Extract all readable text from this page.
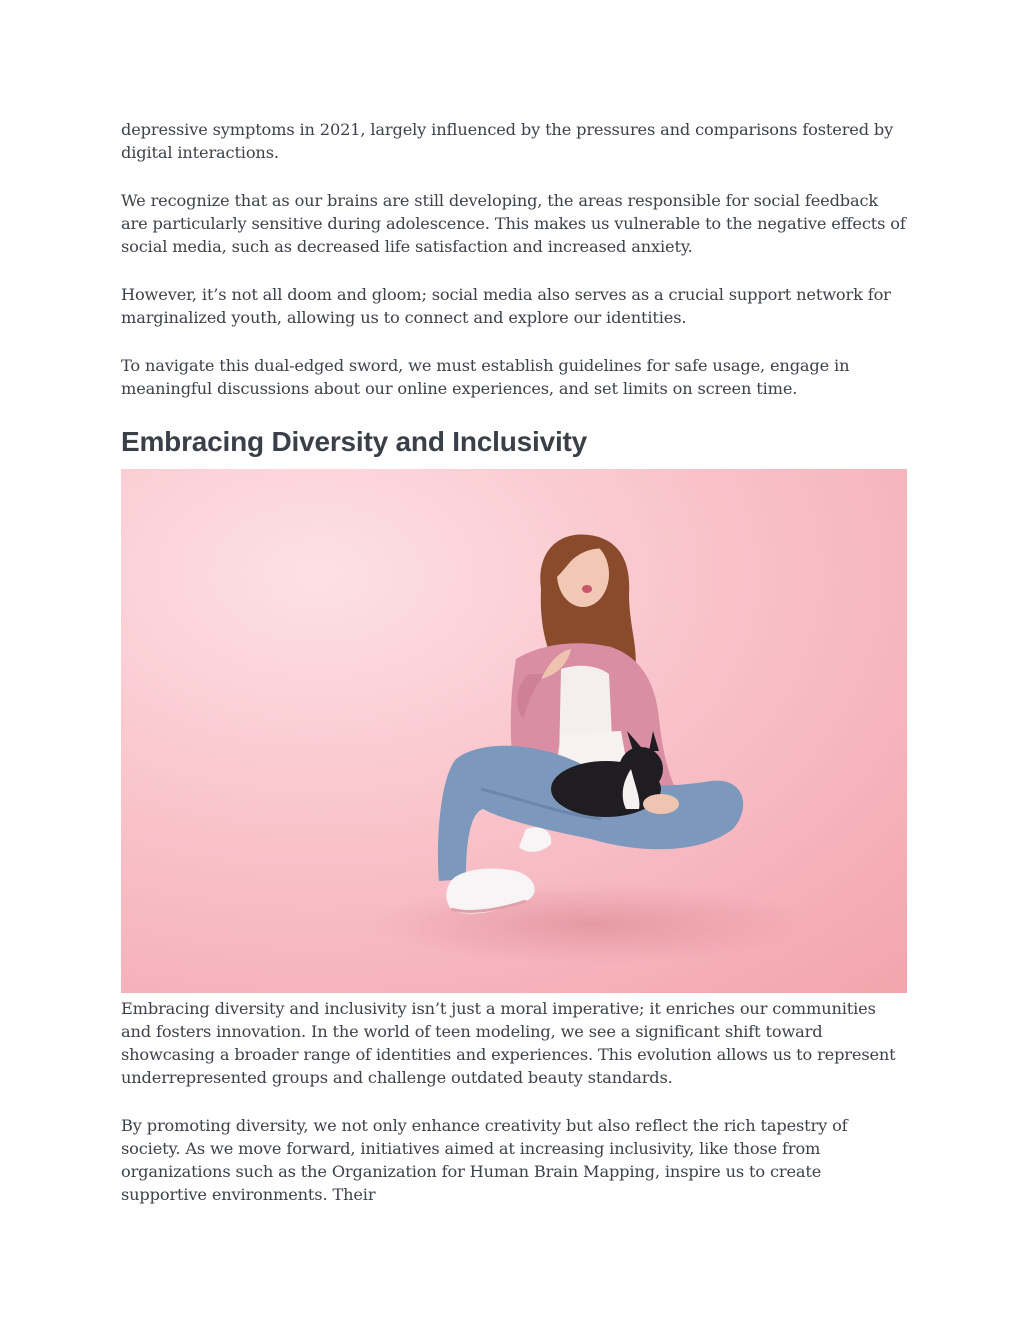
depressive symptoms in 2021, largely influenced by the pressures and comparisons fostered by digital interactions.

We recognize that as our brains are still developing, the areas responsible for social feedback are particularly sensitive during adolescence. This makes us vulnerable to the negative effects of social media, such as decreased life satisfaction and increased anxiety.

However, it’s not all doom and gloom; social media also serves as a crucial support network for marginalized youth, allowing us to connect and explore our identities.

To navigate this dual-edged sword, we must establish guidelines for safe usage, engage in meaningful discussions about our online experiences, and set limits on screen time.

Embracing Diversity and Inclusivity

Embracing diversity and inclusivity isn’t just a moral imperative; it enriches our communities and fosters innovation. In the world of teen modeling, we see a significant shift toward showcasing a broader range of identities and experiences. This evolution allows us to represent underrepresented groups and challenge outdated beauty standards.

By promoting diversity, we not only enhance creativity but also reflect the rich tapestry of society. As we move forward, initiatives aimed at increasing inclusivity, like those from organizations such as the Organization for Human Brain Mapping, inspire us to create supportive environments. Their
